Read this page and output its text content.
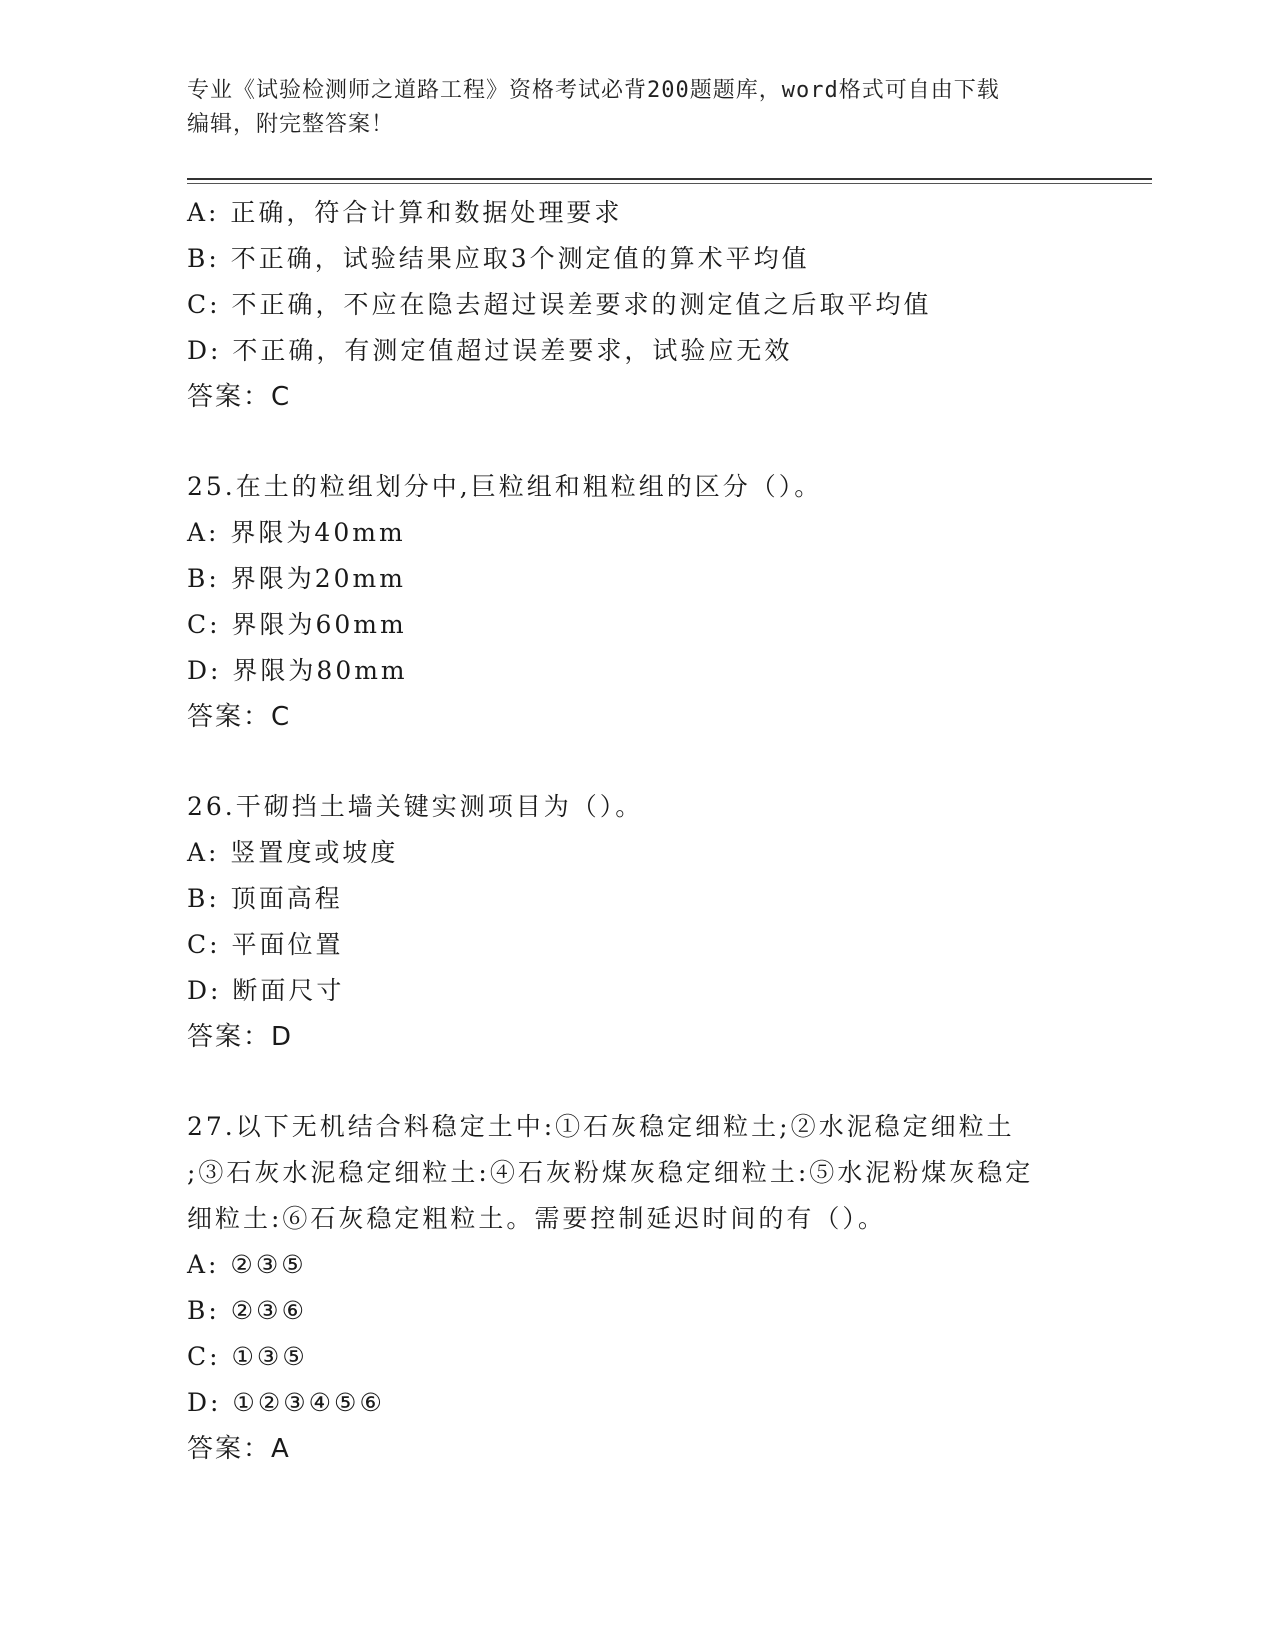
专业《试验检测师之道路工程》资格考试必背200题题库，word格式可自由下载
编辑，附完整答案！
A: 正确，符合计算和数据处理要求
B: 不正确，试验结果应取3个测定值的算术平均值
C: 不正确，不应在隐去超过误差要求的测定值之后取平均值
D: 不正确，有测定值超过误差要求，试验应无效
答案：C
25.在土的粒组划分中,巨粒组和粗粒组的区分（）。
A: 界限为40mm
B: 界限为20mm
C: 界限为60mm
D: 界限为80mm
答案：C
26.干砌挡土墙关键实测项目为（）。
A: 竖置度或坡度
B: 顶面高程
C: 平面位置
D: 断面尺寸
答案：D
27.以下无机结合料稳定土中:①石灰稳定细粒土;②水泥稳定细粒土
;③石灰水泥稳定细粒土:④石灰粉煤灰稳定细粒土:⑤水泥粉煤灰稳定
细粒土:⑥石灰稳定粗粒土。需要控制延迟时间的有（）。
A: ②③⑤
B: ②③⑥
C: ①③⑤
D: ①②③④⑤⑥
答案：A
